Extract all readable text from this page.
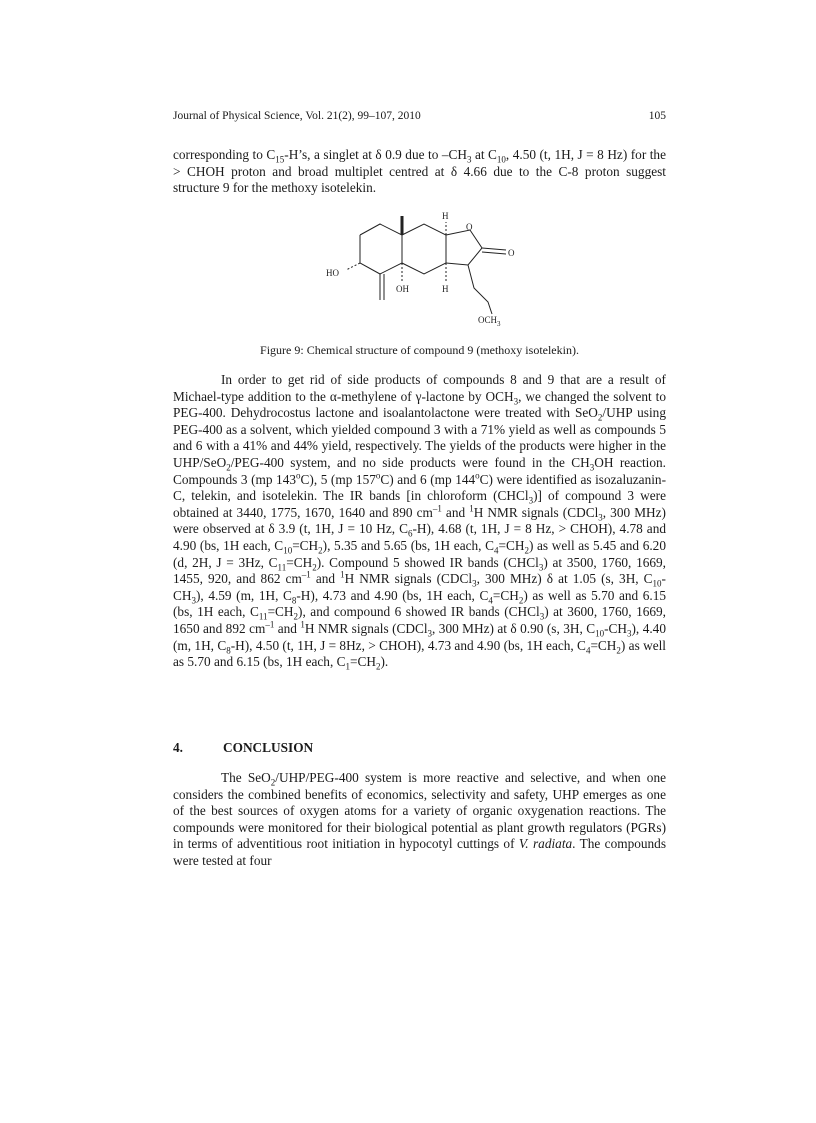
Journal of Physical Science, Vol. 21(2), 99–107, 2010	105

corresponding to $C_{15}-H’s$, a singlet at δ 0.9 due to $-CH_3$ at $C_{10}$, 4.50 (t, 1H, J = 8 Hz) for the > CHOH proton and broad multiplet centred at δ 4.66 due to the C-8 proton suggest structure 9 for the methoxy isotelekin.

H
O
O
HO
OH	H
$OCH_3$
Figure 9: Chemical structure of compound 9 (methoxy isotelekin).

In order to get rid of side products of compounds 8 and 9 that are a result of Michael-type addition to the α-methylene of γ-lactone by $OCH_3$, we changed the solvent to PEG-400. Dehydrocostus lactone and isoalantolactone were treated with SeO$_2$/UHP using PEG-400 as a solvent, which yielded compound 3 with a 71% yield as well as compounds 5 and 6 with a 41% and 44% yield, respectively. The yields of the products were higher in the UHP/SeO$_2$/PEG-400 system, and no side products were found in the $CH_3OH$ reaction. Compounds 3 (mp 143$^o$C), 5 (mp 157$^o$C) and 6 (mp 144$^o$C) were identified as isozaluzanin-C, telekin, and isotelekin. The IR bands [in chloroform (CHCl$_3$)] of compound 3 were obtained at 3440, 1775, 1670, 1640 and 890 $cm^{-1}$ and $^1$H NMR signals (CDCl$_3$, 300 MHz) were observed at δ 3.9 (t, 1H, J = 10 Hz, $C_6-H$), 4.68 (t, 1H, J = 8 Hz, > CHOH), 4.78 and 4.90 (bs, 1H each, $C_{10}=CH_2$), 5.35 and 5.65 (bs, 1H each, $C_4=CH_2$) as well as 5.45 and 6.20 (d, 2H, J = 3Hz, $C_{11}=CH_2$). Compound 5 showed IR bands (CHCl$_3$) at 3500, 1760, 1669, 1455, 920, and 862 $cm^{-1}$ and $^1$H NMR signals (CDCl$_3$, 300 MHz) δ at 1.05 (s, 3H, $C_{10}-CH_3$), 4.59 (m, 1H, $C_8-H$), 4.73 and 4.90 (bs, 1H each, $C_4=CH_2$) as well as 5.70 and 6.15 (bs, 1H each, $C_{11}=CH_2$), and compound 6 showed IR bands (CHCl$_3$) at 3600, 1760, 1669, 1650 and 892 $cm^{-1}$ and $^1$H NMR signals (CDCl$_3$, 300 MHz) at δ 0.90 (s, 3H, $C_{10}-CH_3$), 4.40 (m, 1H, $C_8-H$), 4.50 (t, 1H, J = 8Hz, > CHOH), 4.73 and 4.90 (bs, 1H each, $C_4=CH_2$) as well as 5.70 and 6.15 (bs, 1H each, $C_1=CH_2$).

4.	CONCLUSION

The SeO$_2$/UHP/PEG-400 system is more reactive and selective, and when one considers the combined benefits of economics, selectivity and safety, UHP emerges as one of the best sources of oxygen atoms for a variety of organic oxygenation reactions. The compounds were monitored for their biological potential as plant growth regulators (PGRs) in terms of adventitious root initiation in hypocotyl cuttings of V. radiata. The compounds were tested at four
